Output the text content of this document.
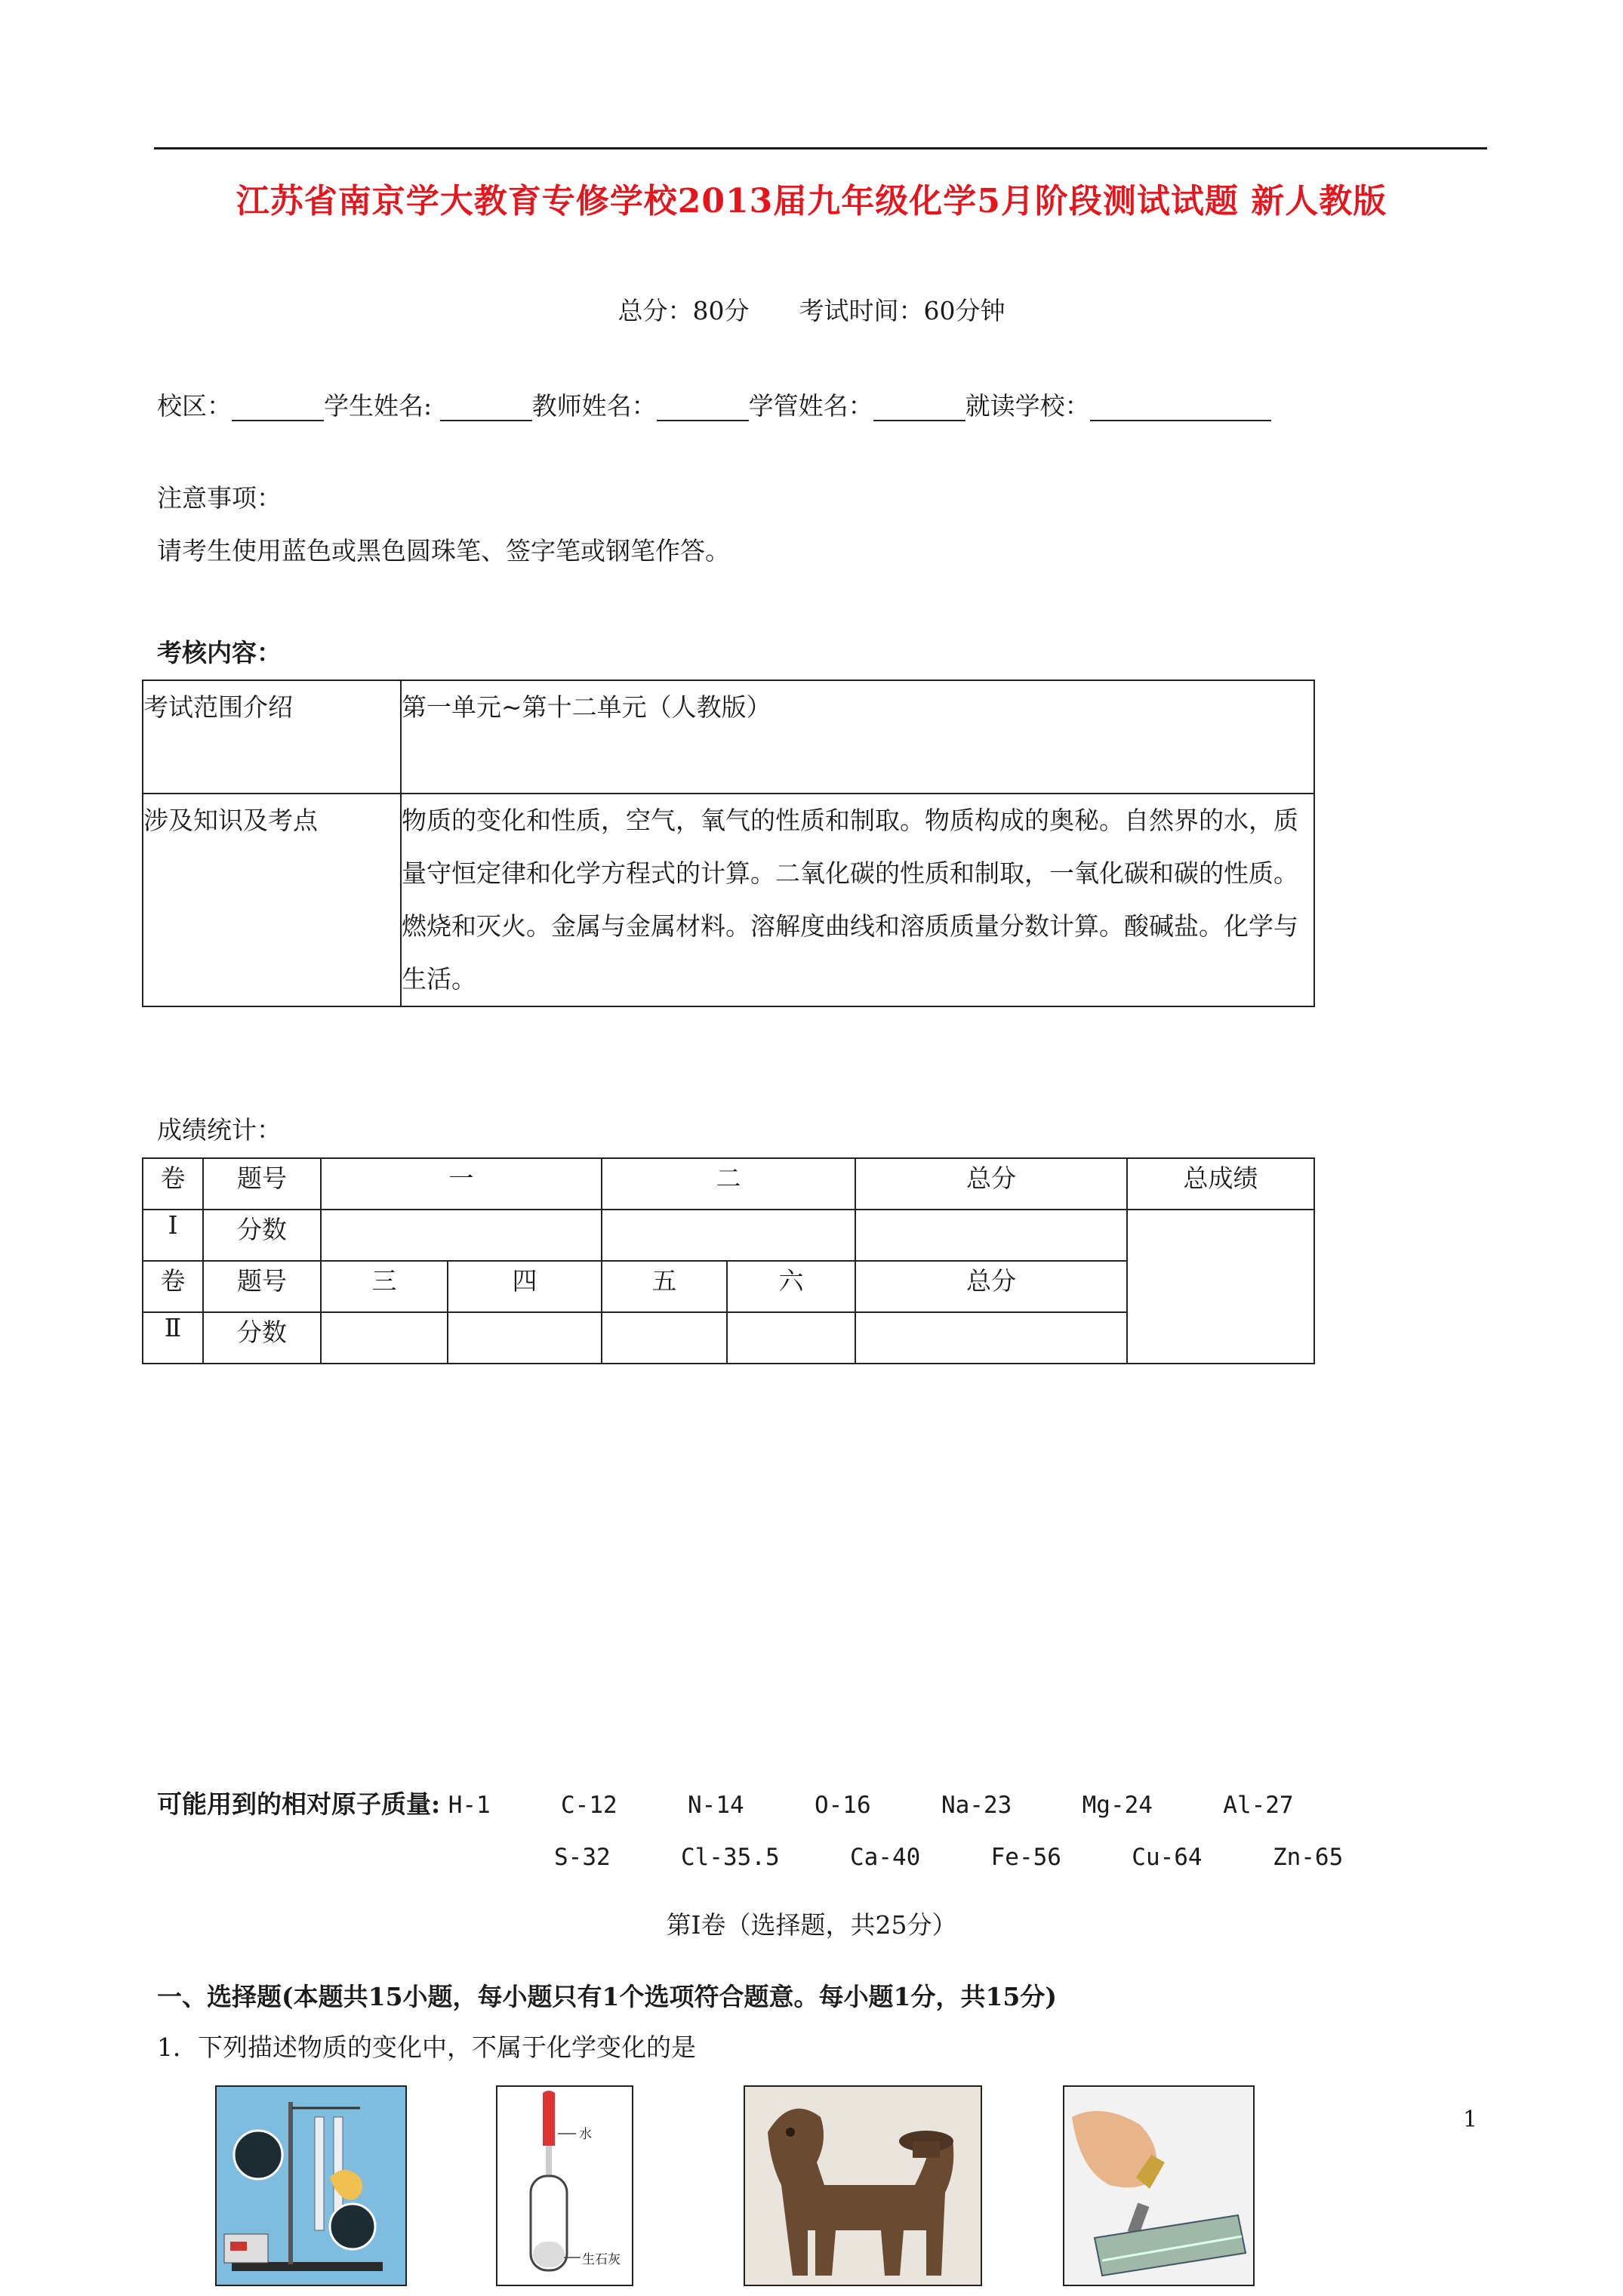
江苏省南京学大教育专修学校2013届九年级化学5月阶段测试试题 新人教版
总分：80分　　考试时间：60分钟
校区：	学生姓名:	教师姓名：	学管姓名：	就读学校：
注意事项：
请考生使用蓝色或黑色圆珠笔、签字笔或钢笔作答。
考核内容：
考试范围介绍	第一单元~第十二单元（人教版）
涉及知识及考点	物质的变化和性质，空气，氧气的性质和制取。物质构成的奥秘。自然界的水，质量守恒定律和化学方程式的计算。二氧化碳的性质和制取，一氧化碳和碳的性质。燃烧和灭火。金属与金属材料。溶解度曲线和溶质质量分数计算。酸碱盐。化学与生活。
成绩统计：
卷	题号	一		二		总分	总成绩
Ⅰ	分数						
卷	题号	三	四	五	六	总分	
Ⅱ	分数						
可能用到的相对原子质量: H-1	C-12	N-14	O-16	Na-23	Mg-24	Al-27
S-32	Cl-35.5	Ca-40	Fe-56	Cu-64	Zn-65
第Ⅰ卷（选择题，共25分）
一、选择题(本题共15小题，每小题只有1个选项符合题意。每小题1分，共15分)
1．下列描述物质的变化中，不属于化学变化的是
水
生石灰
1
